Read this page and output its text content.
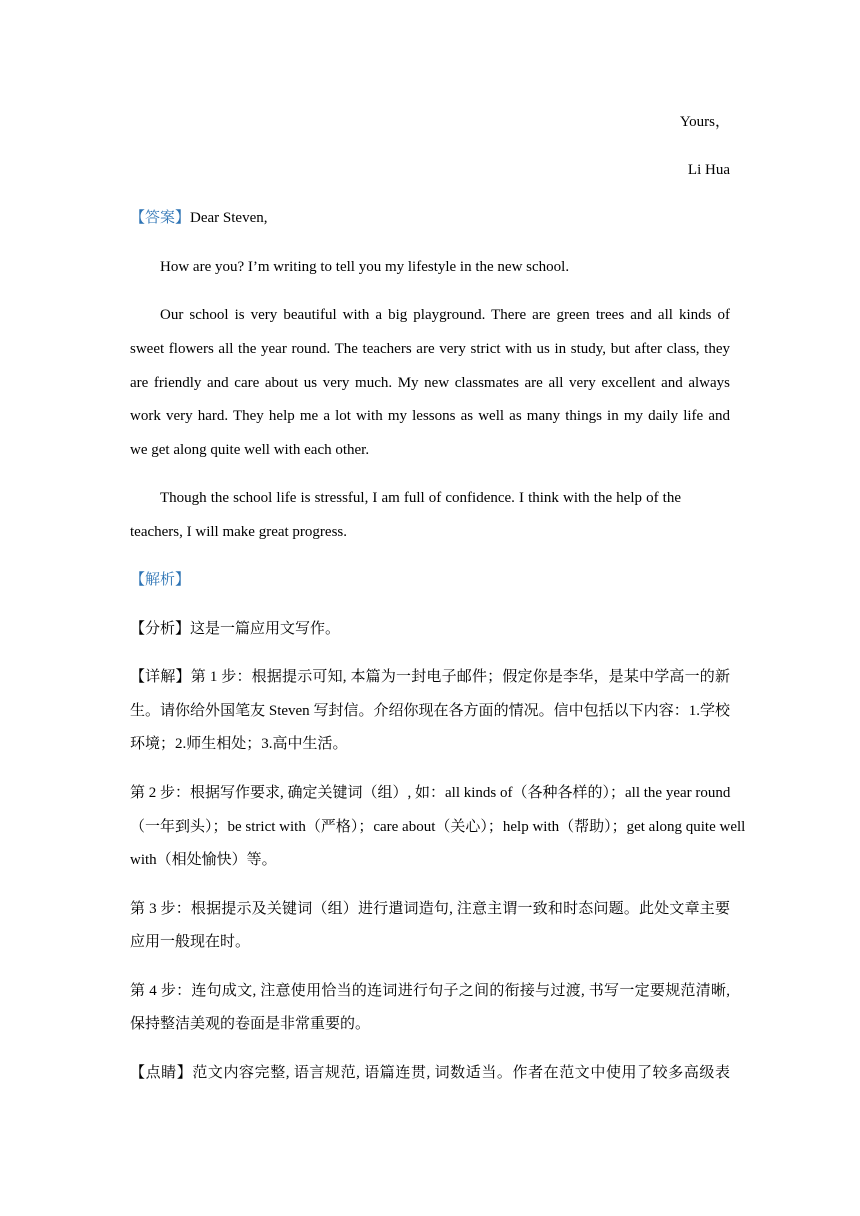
Yours，
Li Hua
【答案】Dear Steven,
How are you? I’m writing to tell you my lifestyle in the new school.
Our school is very beautiful with a big playground. There are green trees and all kinds of
sweet flowers all the year round. The teachers are very strict with us in study, but after class, they
are friendly and care about us very much. My new classmates are all very excellent and always
work very hard. They help me a lot with my lessons as well as many things in my daily life and
we get along quite well with each other.
Though the school life is stressful, I am full of confidence. I think with the help of the
teachers, I will make great progress.
【解析】
【分析】这是一篇应用文写作。
【详解】第 1 步：根据提示可知, 本篇为一封电子邮件；假定你是李华，是某中学高一的新
生。请你给外国笔友 Steven 写封信。介绍你现在各方面的情况。信中包括以下内容：1.学校
环境；2.师生相处；3.高中生活。
第 2 步：根据写作要求, 确定关键词（组）, 如：all kinds of（各种各样的）；all the year round
（一年到头）；be strict with（严格）；care about（关心）；help with（帮助）；get along quite well
with（相处愉快）等。
第 3 步：根据提示及关键词（组）进行遣词造句, 注意主谓一致和时态问题。此处文章主要
应用一般现在时。
第 4 步：连句成文, 注意使用恰当的连词进行句子之间的衔接与过渡, 书写一定要规范清晰,
保持整洁美观的卷面是非常重要的。
【点睛】范文内容完整, 语言规范, 语篇连贯, 词数适当。作者在范文中使用了较多高级表
